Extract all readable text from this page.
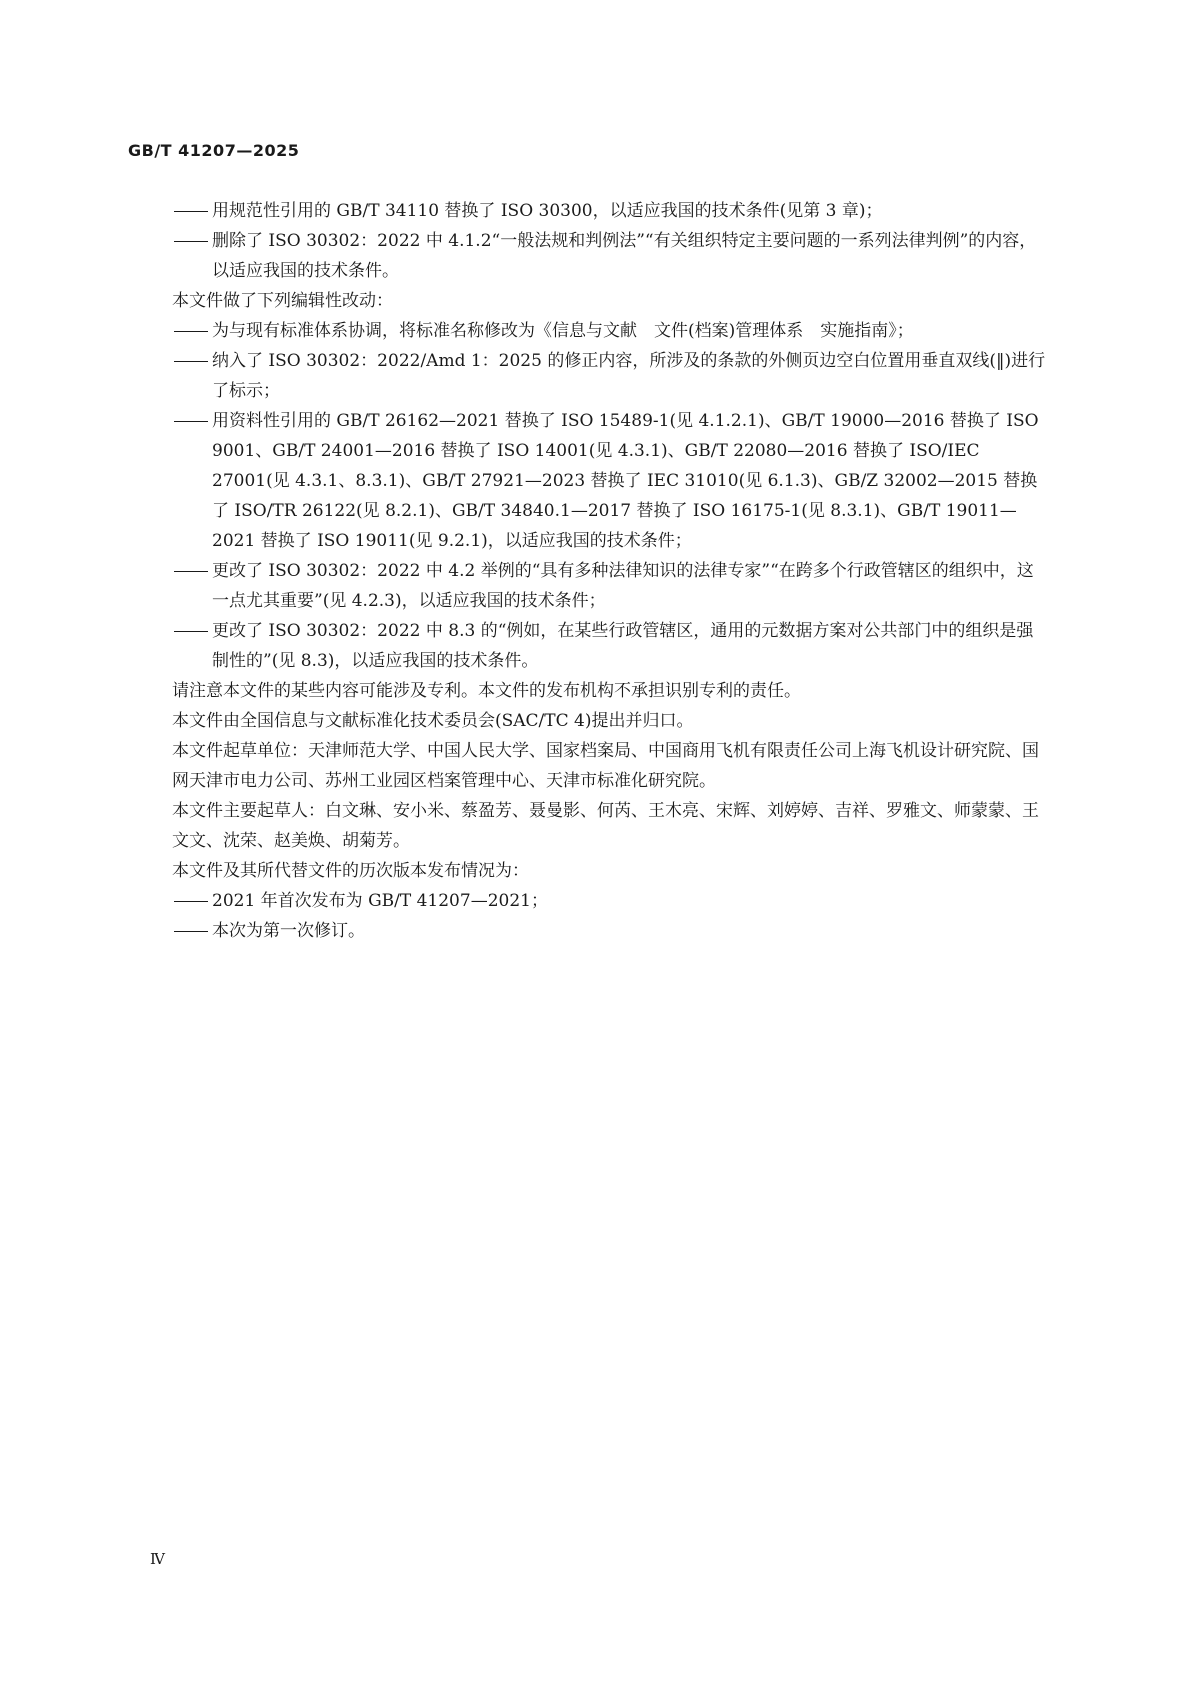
GB/T 41207—2025

用规范性引用的 GB/T 34110 替换了 ISO 30300，以适应我国的技术条件(见第 3 章)；

删除了 ISO 30302：2022 中 4.1.2“一般法规和判例法”“有关组织特定主要问题的一系列法律判例”的内容，以适应我国的技术条件。

本文件做了下列编辑性改动：

为与现有标准体系协调，将标准名称修改为《信息与文献　文件(档案)管理体系　实施指南》；

纳入了 ISO 30302：2022/Amd 1：2025 的修正内容，所涉及的条款的外侧页边空白位置用垂直双线(‖)进行了标示；

用资料性引用的 GB/T 26162—2021 替换了 ISO 15489-1(见 4.1.2.1)、GB/T 19000—2016 替换了 ISO 9001、GB/T 24001—2016 替换了 ISO 14001(见 4.3.1)、GB/T 22080—2016 替换了 ISO/IEC 27001(见 4.3.1、8.3.1)、GB/T 27921—2023 替换了 IEC 31010(见 6.1.3)、GB/Z 32002—2015 替换了 ISO/TR 26122(见 8.2.1)、GB/T 34840.1—2017 替换了 ISO 16175-1(见 8.3.1)、GB/T 19011—2021 替换了 ISO 19011(见 9.2.1)，以适应我国的技术条件；

更改了 ISO 30302：2022 中 4.2 举例的“具有多种法律知识的法律专家”“在跨多个行政管辖区的组织中，这一点尤其重要”(见 4.2.3)，以适应我国的技术条件；

更改了 ISO 30302：2022 中 8.3 的“例如，在某些行政管辖区，通用的元数据方案对公共部门中的组织是强制性的”(见 8.3)，以适应我国的技术条件。

请注意本文件的某些内容可能涉及专利。本文件的发布机构不承担识别专利的责任。

本文件由全国信息与文献标准化技术委员会(SAC/TC 4)提出并归口。

本文件起草单位：天津师范大学、中国人民大学、国家档案局、中国商用飞机有限责任公司上海飞机设计研究院、国网天津市电力公司、苏州工业园区档案管理中心、天津市标准化研究院。

本文件主要起草人：白文琳、安小米、蔡盈芳、聂曼影、何芮、王木亮、宋辉、刘婷婷、吉祥、罗雅文、师蒙蒙、王文文、沈荣、赵美焕、胡菊芳。

本文件及其所代替文件的历次版本发布情况为：

2021 年首次发布为 GB/T 41207—2021；

本次为第一次修订。

Ⅳ
